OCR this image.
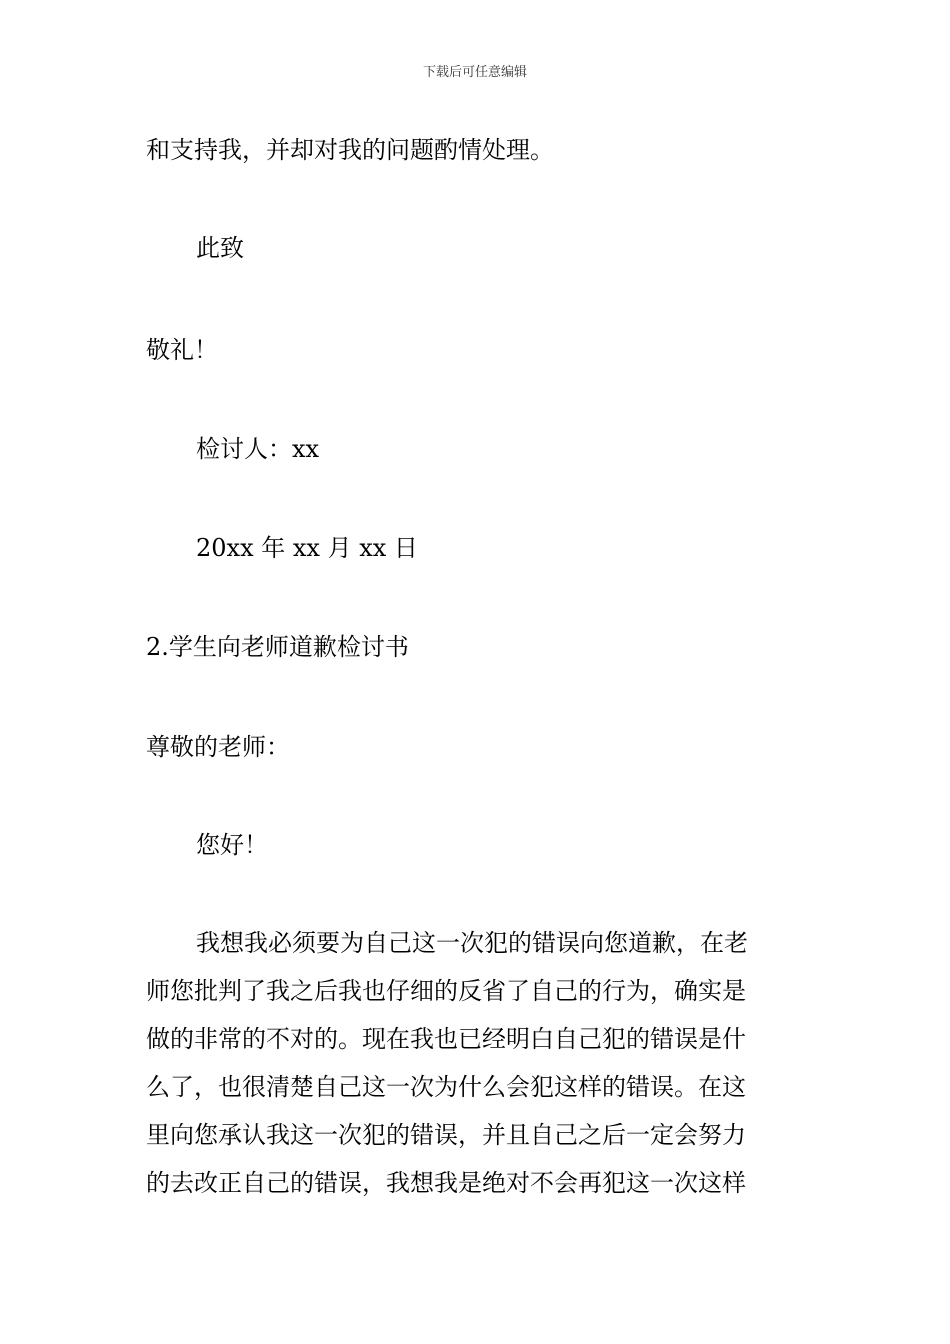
下载后可任意编辑
和支持我，并却对我的问题酌情处理。
此致
敬礼！
检讨人：xx
20xx 年 xx 月 xx 日
2.学生向老师道歉检讨书
尊敬的老师：
您好！
我想我必须要为自己这一次犯的错误向您道歉，在老
师您批判了我之后我也仔细的反省了自己的行为，确实是
做的非常的不对的。现在我也已经明白自己犯的错误是什
么了，也很清楚自己这一次为什么会犯这样的错误。在这
里向您承认我这一次犯的错误，并且自己之后一定会努力
的去改正自己的错误，我想我是绝对不会再犯这一次这样
